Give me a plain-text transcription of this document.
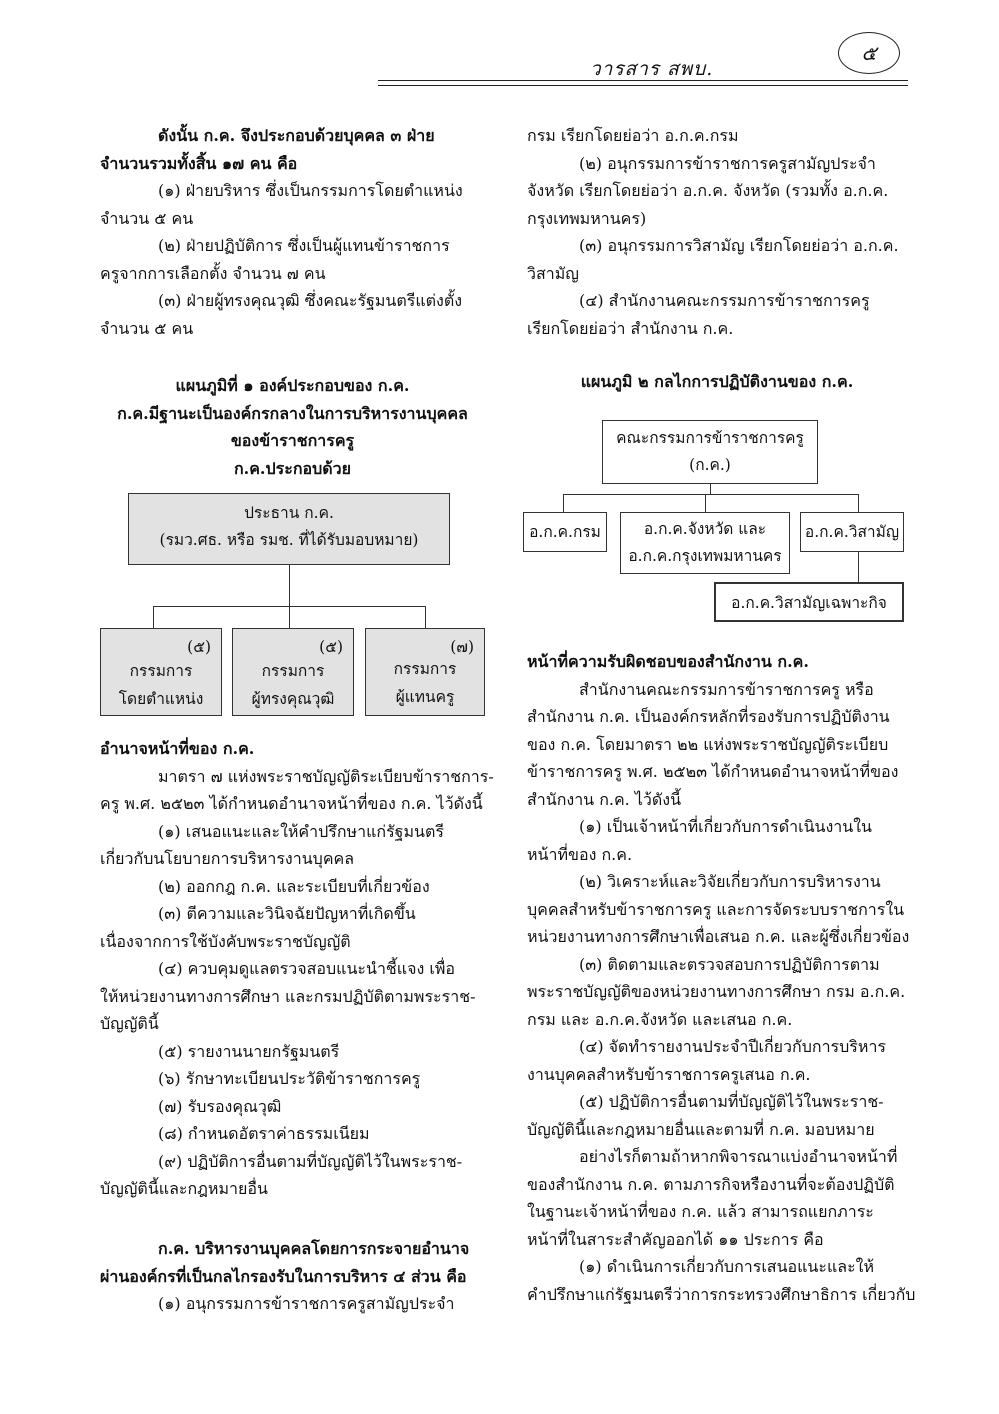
๕
วารสาร สพบ.

ดังนั้น ก.ค. จึงประกอบด้วยบุคคล ๓ ฝ่าย

จำนวนรวมทั้งสิ้น ๑๗ คน คือ

(๑) ฝ่ายบริหาร ซึ่งเป็นกรรมการโดยตำแหน่ง

จำนวน ๕ คน

(๒) ฝ่ายปฏิบัติการ ซึ่งเป็นผู้แทนข้าราชการ

ครูจากการเลือกตั้ง จำนวน ๗ คน

(๓) ฝ่ายผู้ทรงคุณวุฒิ ซึ่งคณะรัฐมนตรีแต่งตั้ง

จำนวน ๕ คน

แผนภูมิที่ ๑ องค์ประกอบของ ก.ค.

ก.ค.มีฐานะเป็นองค์กรกลางในการบริหารงานบุคคล

ของข้าราชการครู

ก.ค.ประกอบด้วย

ประธาน ก.ค.
(รมว.ศธ. หรือ รมช. ที่ได้รับมอบหมาย)
(๕)
กรรมการ
โดยตำแหน่ง
(๕)
กรรมการ
ผู้ทรงคุณวุฒิ
(๗)
กรรมการ
ผู้แทนครู

อำนาจหน้าที่ของ ก.ค.

มาตรา ๗ แห่งพระราชบัญญัติระเบียบข้าราชการ-

ครู พ.ศ. ๒๕๒๓ ได้กำหนดอำนาจหน้าที่ของ ก.ค. ไว้ดังนี้

(๑) เสนอแนะและให้คำปรึกษาแก่รัฐมนตรี

เกี่ยวกับนโยบายการบริหารงานบุคคล

(๒) ออกกฎ ก.ค. และระเบียบที่เกี่ยวข้อง

(๓) ตีความและวินิจฉัยปัญหาที่เกิดขึ้น

เนื่องจากการใช้บังคับพระราชบัญญัติ

(๔) ควบคุมดูแลตรวจสอบแนะนำชี้แจง เพื่อ

ให้หน่วยงานทางการศึกษา และกรมปฏิบัติตามพระราช-

บัญญัตินี้

(๕) รายงานนายกรัฐมนตรี

(๖) รักษาทะเบียนประวัติข้าราชการครู

(๗) รับรองคุณวุฒิ

(๘) กำหนดอัตราค่าธรรมเนียม

(๙) ปฏิบัติการอื่นตามที่บัญญัติไว้ในพระราช-

บัญญัตินี้และกฎหมายอื่น

ก.ค. บริหารงานบุคคลโดยการกระจายอำนาจ

ผ่านองค์กรที่เป็นกลไกรองรับในการบริหาร ๔ ส่วน คือ

(๑) อนุกรรมการข้าราชการครูสามัญประจำ

กรม เรียกโดยย่อว่า อ.ก.ค.กรม

(๒) อนุกรรมการข้าราชการครูสามัญประจำ

จังหวัด เรียกโดยย่อว่า อ.ก.ค. จังหวัด (รวมทั้ง อ.ก.ค.

กรุงเทพมหานคร)

(๓) อนุกรรมการวิสามัญ เรียกโดยย่อว่า อ.ก.ค.

วิสามัญ

(๔) สำนักงานคณะกรรมการข้าราชการครู

เรียกโดยย่อว่า สำนักงาน ก.ค.

แผนภูมิ ๒ กลไกการปฏิบัติงานของ ก.ค.

คณะกรรมการข้าราชการครู
(ก.ค.)
อ.ก.ค.กรม	อ.ก.ค.จังหวัด และ
อ.ก.ค.กรุงเทพมหานคร
อ.ก.ค.วิสามัญ
อ.ก.ค.วิสามัญเฉพาะกิจ

หน้าที่ความรับผิดชอบของสำนักงาน ก.ค.

สำนักงานคณะกรรมการข้าราชการครู หรือ

สำนักงาน ก.ค. เป็นองค์กรหลักที่รองรับการปฏิบัติงาน

ของ ก.ค. โดยมาตรา ๒๒ แห่งพระราชบัญญัติระเบียบ

ข้าราชการครู พ.ศ. ๒๕๒๓ ได้กำหนดอำนาจหน้าที่ของ

สำนักงาน ก.ค. ไว้ดังนี้

(๑) เป็นเจ้าหน้าที่เกี่ยวกับการดำเนินงานใน

หน้าที่ของ ก.ค.

(๒) วิเคราะห์และวิจัยเกี่ยวกับการบริหารงาน

บุคคลสำหรับข้าราชการครู และการจัดระบบราชการใน

หน่วยงานทางการศึกษาเพื่อเสนอ ก.ค. และผู้ซึ่งเกี่ยวข้อง

(๓) ติดตามและตรวจสอบการปฏิบัติการตาม

พระราชบัญญัติของหน่วยงานทางการศึกษา กรม อ.ก.ค.

กรม และ อ.ก.ค.จังหวัด และเสนอ ก.ค.

(๔) จัดทำรายงานประจำปีเกี่ยวกับการบริหาร

งานบุคคลสำหรับข้าราชการครูเสนอ ก.ค.

(๕) ปฏิบัติการอื่นตามที่บัญญัติไว้ในพระราช-

บัญญัตินี้และกฎหมายอื่นและตามที่ ก.ค. มอบหมาย

อย่างไรก็ตามถ้าหากพิจารณาแบ่งอำนาจหน้าที่

ของสำนักงาน ก.ค. ตามภารกิจหรืองานที่จะต้องปฏิบัติ

ในฐานะเจ้าหน้าที่ของ ก.ค. แล้ว สามารถแยกภาระ

หน้าที่ในสาระสำคัญออกได้ ๑๑ ประการ คือ

(๑) ดำเนินการเกี่ยวกับการเสนอแนะและให้

คำปรึกษาแก่รัฐมนตรีว่าการกระทรวงศึกษาธิการ เกี่ยวกับ
